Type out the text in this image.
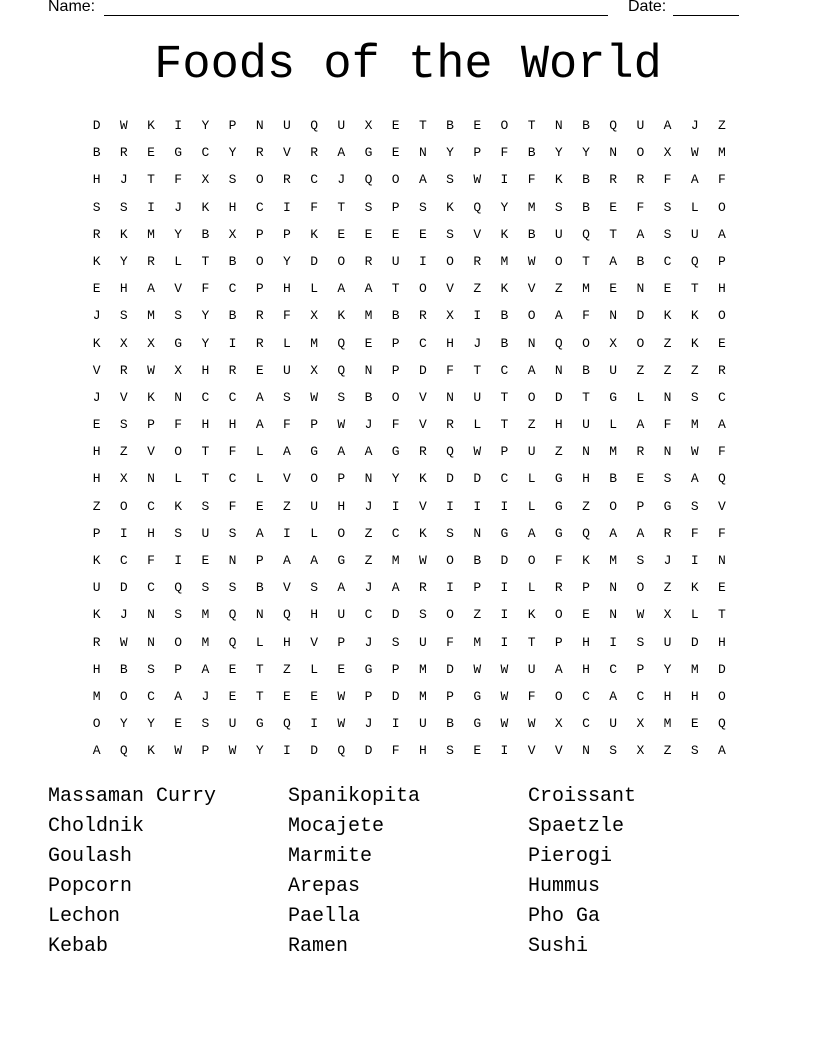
Name:	Date:
Foods of the World
D	W	K	I	Y	P	N	U	Q	U	X	E	T	B	E	O	T	N	B	Q	U	A	J	Z
B	R	E	G	C	Y	R	V	R	A	G	E	N	Y	P	F	B	Y	Y	N	O	X	W	M
H	J	T	F	X	S	O	R	C	J	Q	O	A	S	W	I	F	K	B	R	R	F	A	F
S	S	I	J	K	H	C	I	F	T	S	P	S	K	Q	Y	M	S	B	E	F	S	L	O
R	K	M	Y	B	X	P	P	K	E	E	E	E	S	V	K	B	U	Q	T	A	S	U	A
K	Y	R	L	T	B	O	Y	D	O	R	U	I	O	R	M	W	O	T	A	B	C	Q	P
E	H	A	V	F	C	P	H	L	A	A	T	O	V	Z	K	V	Z	M	E	N	E	T	H
J	S	M	S	Y	B	R	F	X	K	M	B	R	X	I	B	O	A	F	N	D	K	K	O
K	X	X	G	Y	I	R	L	M	Q	E	P	C	H	J	B	N	Q	O	X	O	Z	K	E
V	R	W	X	H	R	E	U	X	Q	N	P	D	F	T	C	A	N	B	U	Z	Z	Z	R
J	V	K	N	C	C	A	S	W	S	B	O	V	N	U	T	O	D	T	G	L	N	S	C
E	S	P	F	H	H	A	F	P	W	J	F	V	R	L	T	Z	H	U	L	A	F	M	A
H	Z	V	O	T	F	L	A	G	A	A	G	R	Q	W	P	U	Z	N	M	R	N	W	F
H	X	N	L	T	C	L	V	O	P	N	Y	K	D	D	C	L	G	H	B	E	S	A	Q
Z	O	C	K	S	F	E	Z	U	H	J	I	V	I	I	I	L	G	Z	O	P	G	S	V
P	I	H	S	U	S	A	I	L	O	Z	C	K	S	N	G	A	G	Q	A	A	R	F	F
K	C	F	I	E	N	P	A	A	G	Z	M	W	O	B	D	O	F	K	M	S	J	I	N
U	D	C	Q	S	S	B	V	S	A	J	A	R	I	P	I	L	R	P	N	O	Z	K	E
K	J	N	S	M	Q	N	Q	H	U	C	D	S	O	Z	I	K	O	E	N	W	X	L	T
R	W	N	O	M	Q	L	H	V	P	J	S	U	F	M	I	T	P	H	I	S	U	D	H
H	B	S	P	A	E	T	Z	L	E	G	P	M	D	W	W	U	A	H	C	P	Y	M	D
M	O	C	A	J	E	T	E	E	W	P	D	M	P	G	W	F	O	C	A	C	H	H	O
O	Y	Y	E	S	U	G	Q	I	W	J	I	U	B	G	W	W	X	C	U	X	M	E	Q
A	Q	K	W	P	W	Y	I	D	Q	D	F	H	S	E	I	V	V	N	S	X	Z	S	A
Massaman Curry	Spanikopita	Croissant
Choldnik	Mocajete	Spaetzle
Goulash	Marmite	Pierogi
Popcorn	Arepas	Hummus
Lechon	Paella	Pho Ga
Kebab	Ramen	Sushi
